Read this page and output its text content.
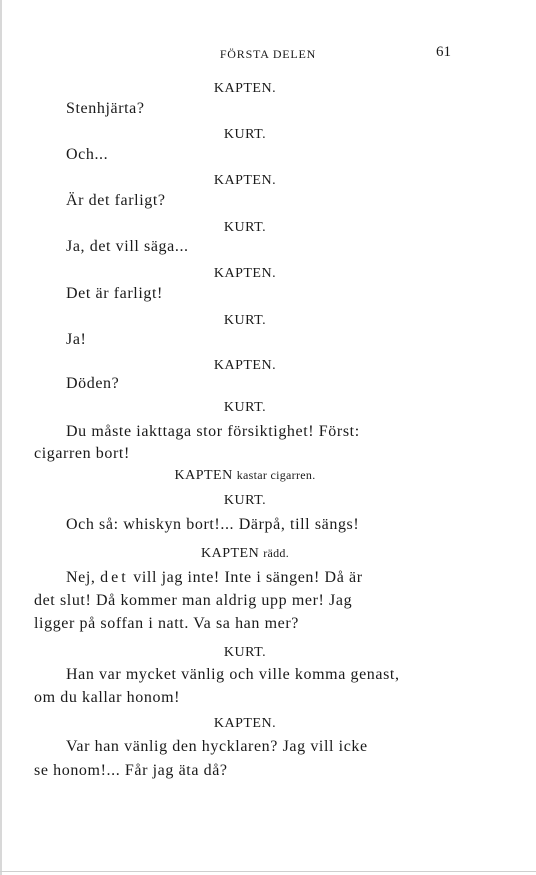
FÖRSTA DELEN	61
KAPTEN.
Stenhjärta?
KURT.
Och...
KAPTEN.
Är det farligt?
KURT.
Ja, det vill säga...
KAPTEN.
Det är farligt!
KURT.
Ja!
KAPTEN.
Döden?
KURT.
Du måste iakttaga stor försiktighet! Först:
cigarren bort!
KAPTEN kastar cigarren.
KURT.
Och så: whiskyn bort!... Därpå, till sängs!
KAPTEN rädd.
Nej, det vill jag inte! Inte i sängen! Då är
det slut! Då kommer man aldrig upp mer! Jag
ligger på soffan i natt. Va sa han mer?
KURT.
Han var mycket vänlig och ville komma genast,
om du kallar honom!
KAPTEN.
Var han vänlig den hycklaren? Jag vill icke
se honom!... Får jag äta då?
